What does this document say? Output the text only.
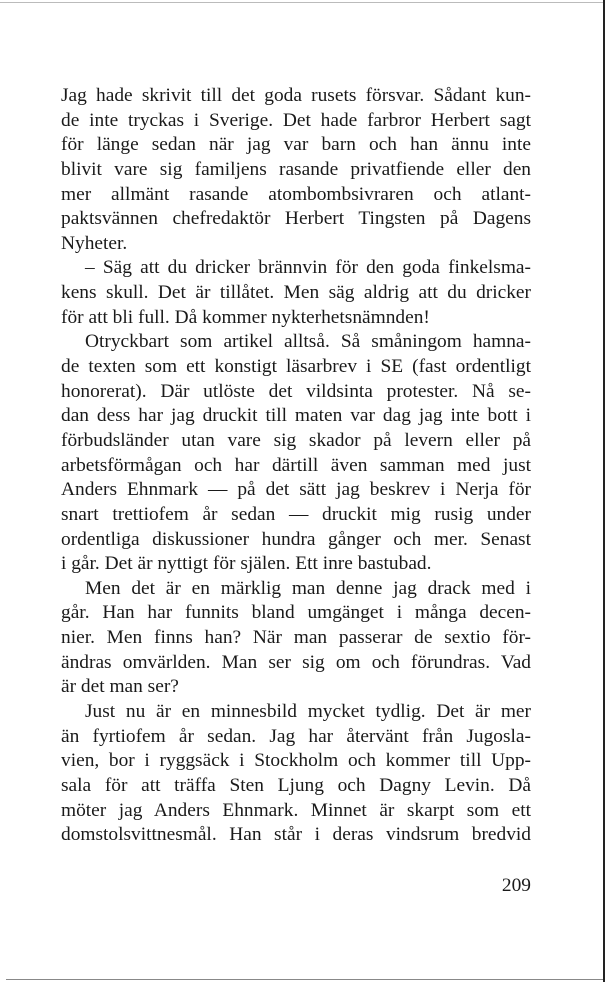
Jag hade skrivit till det goda rusets försvar. Sådant kun-
de inte tryckas i Sverige. Det hade farbror Herbert sagt
för länge sedan när jag var barn och han ännu inte
blivit vare sig familjens rasande privatfiende eller den
mer allmänt rasande atombombsivraren och atlant-
paktsvännen chefredaktör Herbert Tingsten på Dagens
Nyheter.
– Säg att du dricker brännvin för den goda finkelsma-
kens skull. Det är tillåtet. Men säg aldrig att du dricker
för att bli full. Då kommer nykterhetsnämnden!
Otryckbart som artikel alltså. Så småningom hamna-
de texten som ett konstigt läsarbrev i SE (fast ordentligt
honorerat). Där utlöste det vildsinta protester. Nå se-
dan dess har jag druckit till maten var dag jag inte bott i
förbudsländer utan vare sig skador på levern eller på
arbetsförmågan och har därtill även samman med just
Anders Ehnmark — på det sätt jag beskrev i Nerja för
snart trettiofem år sedan — druckit mig rusig under
ordentliga diskussioner hundra gånger och mer. Senast
i går. Det är nyttigt för själen. Ett inre bastubad.
Men det är en märklig man denne jag drack med i
går. Han har funnits bland umgänget i många decen-
nier. Men finns han? När man passerar de sextio för-
ändras omvärlden. Man ser sig om och förundras. Vad
är det man ser?
Just nu är en minnesbild mycket tydlig. Det är mer
än fyrtiofem år sedan. Jag har återvänt från Jugosla-
vien, bor i ryggsäck i Stockholm och kommer till Upp-
sala för att träffa Sten Ljung och Dagny Levin. Då
möter jag Anders Ehnmark. Minnet är skarpt som ett
domstolsvittnesmål. Han står i deras vindsrum bredvid
209
